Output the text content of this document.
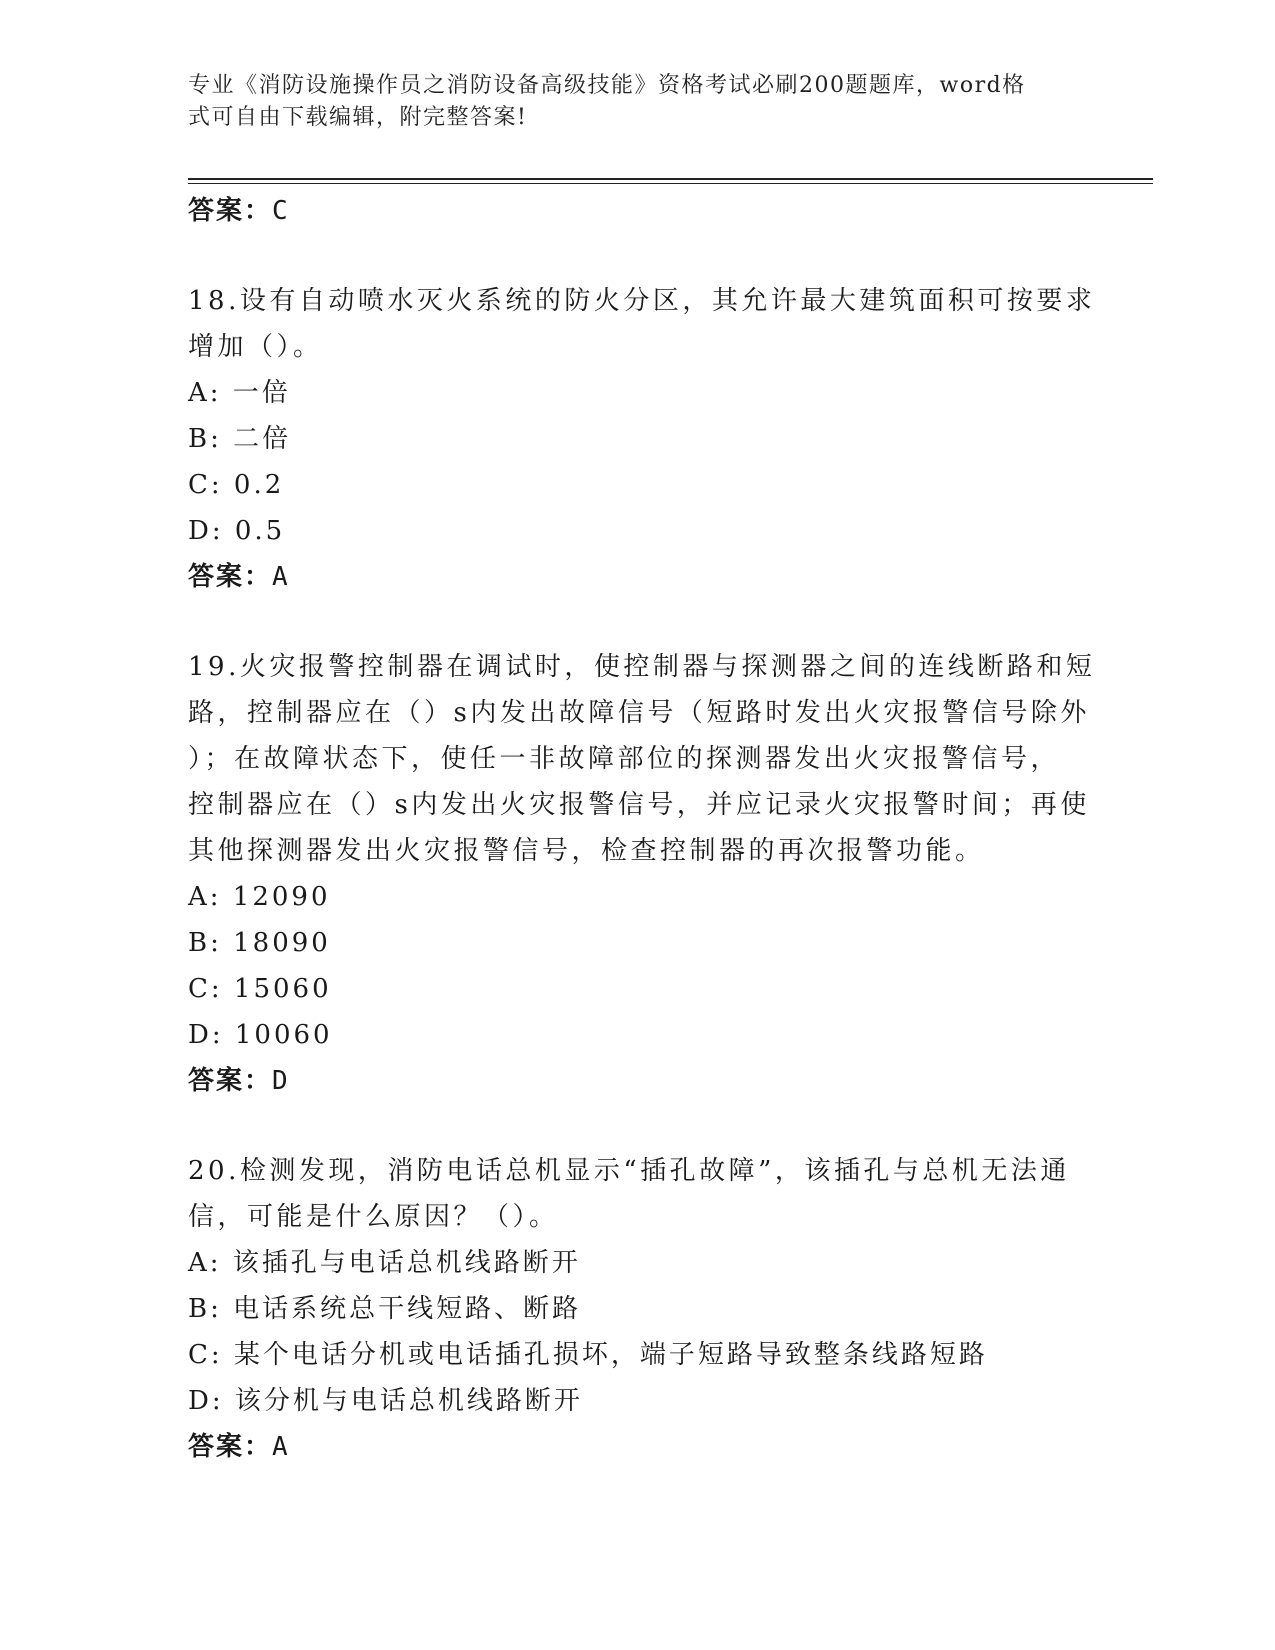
专业《消防设施操作员之消防设备高级技能》资格考试必刷200题题库，word格
式可自由下载编辑，附完整答案!
答案：C
18.设有自动喷水灭火系统的防火分区，其允许最大建筑面积可按要求
增加（）。
A: 一倍
B: 二倍
C: 0.2
D: 0.5
答案：A
19.火灾报警控制器在调试时，使控制器与探测器之间的连线断路和短
路，控制器应在（）s内发出故障信号（短路时发出火灾报警信号除外
）；在故障状态下，使任一非故障部位的探测器发出火灾报警信号，
控制器应在（）s内发出火灾报警信号，并应记录火灾报警时间；再使
其他探测器发出火灾报警信号，检查控制器的再次报警功能。
A: 12090
B: 18090
C: 15060
D: 10060
答案：D
20.检测发现，消防电话总机显示“插孔故障”，该插孔与总机无法通
信，可能是什么原因？（）。
A: 该插孔与电话总机线路断开
B: 电话系统总干线短路、断路
C: 某个电话分机或电话插孔损坏，端子短路导致整条线路短路
D: 该分机与电话总机线路断开
答案：A
